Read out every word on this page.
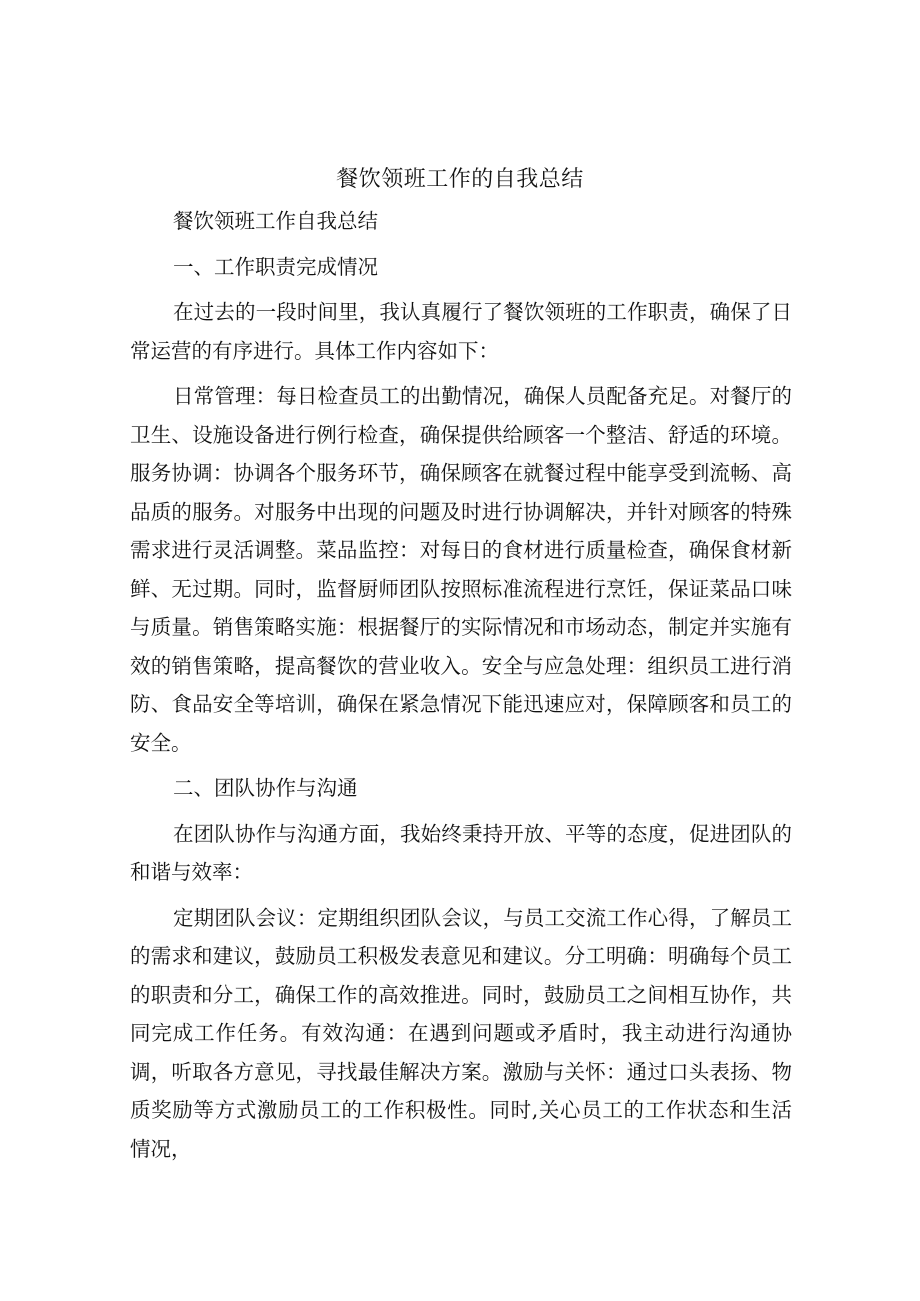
餐饮领班工作的自我总结

餐饮领班工作自我总结

一、工作职责完成情况

在过去的一段时间里，我认真履行了餐饮领班的工作职责，确保了日常运营的有序进行。具体工作内容如下：

日常管理：每日检查员工的出勤情况，确保人员配备充足。对餐厅的卫生、设施设备进行例行检查，确保提供给顾客一个整洁、舒适的环境。服务协调：协调各个服务环节，确保顾客在就餐过程中能享受到流畅、高品质的服务。对服务中出现的问题及时进行协调解决，并针对顾客的特殊需求进行灵活调整。菜品监控：对每日的食材进行质量检查，确保食材新鲜、无过期。同时，监督厨师团队按照标准流程进行烹饪，保证菜品口味与质量。销售策略实施：根据餐厅的实际情况和市场动态，制定并实施有效的销售策略，提高餐饮的营业收入。安全与应急处理：组织员工进行消防、食品安全等培训，确保在紧急情况下能迅速应对，保障顾客和员工的安全。

二、团队协作与沟通

在团队协作与沟通方面，我始终秉持开放、平等的态度，促进团队的和谐与效率：

定期团队会议：定期组织团队会议，与员工交流工作心得，了解员工的需求和建议，鼓励员工积极发表意见和建议。分工明确：明确每个员工的职责和分工，确保工作的高效推进。同时，鼓励员工之间相互协作，共同完成工作任务。有效沟通：在遇到问题或矛盾时，我主动进行沟通协调，听取各方意见，寻找最佳解决方案。激励与关怀：通过口头表扬、物质奖励等方式激励员工的工作积极性。同时,关心员工的工作状态和生活情况，
